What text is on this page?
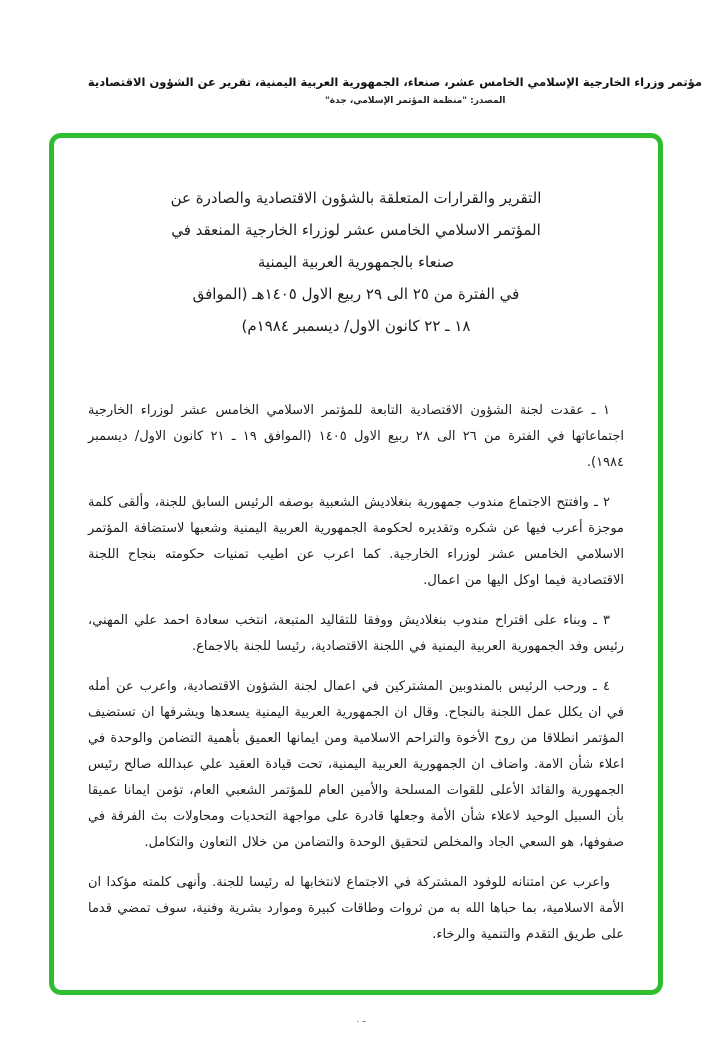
مؤتمر وزراء الخارجية الإسلامي الخامس عشر، صنعاء، الجمهورية العربية اليمنية، تقرير عن الشؤون الاقتصادية
المصدر: "منظمة المؤتمر الإسلامي، جدة"
التقرير والقرارات المتعلقة بالشؤون الاقتصادية والصادرة عن
المؤتمر الاسلامي الخامس عشر لوزراء الخارجية المنعقد في
صنعاء بالجمهورية العربية اليمنية
في الفترة من ٢٥ الى ٢٩ ربيع الاول ١٤٠٥هـ (الموافق
١٨ ـ ٢٢ كانون الاول/ ديسمبر ١٩٨٤م)

١ ـ عقدت لجنة الشؤون الاقتصادية التابعة للمؤتمر الاسلامي الخامس عشر لوزراء الخارجية اجتماعاتها في الفترة من ٢٦ الى ٢٨ ربيع الاول ١٤٠٥ (الموافق ١٩ ـ ٢١ كانون الاول/ ديسمبر ١٩٨٤).

٢ ـ وافتتح الاجتماع مندوب جمهورية بنغلاديش الشعبية بوصفه الرئيس السابق للجنة، وألقى كلمة موجزة أعرب فيها عن شكره وتقديره لحكومة الجمهورية العربية اليمنية وشعبها لاستضافة المؤتمر الاسلامي الخامس عشر لوزراء الخارجية. كما اعرب عن اطيب تمنيات حكومته بنجاح اللجنة الاقتصادية فيما اوكل اليها من اعمال.

٣ ـ وبناء على اقتراح مندوب بنغلاديش ووفقا للتقاليد المتبعة، انتخب سعادة احمد علي المهني، رئيس وفد الجمهورية العربية اليمنية في اللجنة الاقتصادية، رئيسا للجنة بالاجماع.

٤ ـ ورحب الرئيس بالمندوبين المشتركين في اعمال لجنة الشؤون الاقتصادية، واعرب عن أمله في ان يكلل عمل اللجنة بالنجاح. وقال ان الجمهورية العربية اليمنية يسعدها ويشرفها ان تستضيف المؤتمر انطلاقا من روح الأخوة والتراحم الاسلامية ومن ايمانها العميق بأهمية التضامن والوحدة في اعلاء شأن الامة. واضاف ان الجمهورية العربية اليمنية، تحت قيادة العقيد علي عبدالله صالح رئيس الجمهورية والقائد الأعلى للقوات المسلحة والأمين العام للمؤتمر الشعبي العام، تؤمن ايمانا عميقا بأن السبيل الوحيد لاعلاء شأن الأمة وجعلها قادرة على مواجهة التحديات ومحاولات بث الفرقة في صفوفها، هو السعي الجاد والمخلص لتحقيق الوحدة والتضامن من خلال التعاون والتكامل.

واعرب عن امتنانه للوفود المشتركة في الاجتماع لانتخابها له رئيسا للجنة. وأنهى كلمته مؤكدا ان الأمة الاسلامية، بما حباها الله به من ثروات وطاقات كبيرة وموارد بشرية وفنية، سوف تمضي قدما على طريق التقدم والتنمية والرخاء.

ـ .
